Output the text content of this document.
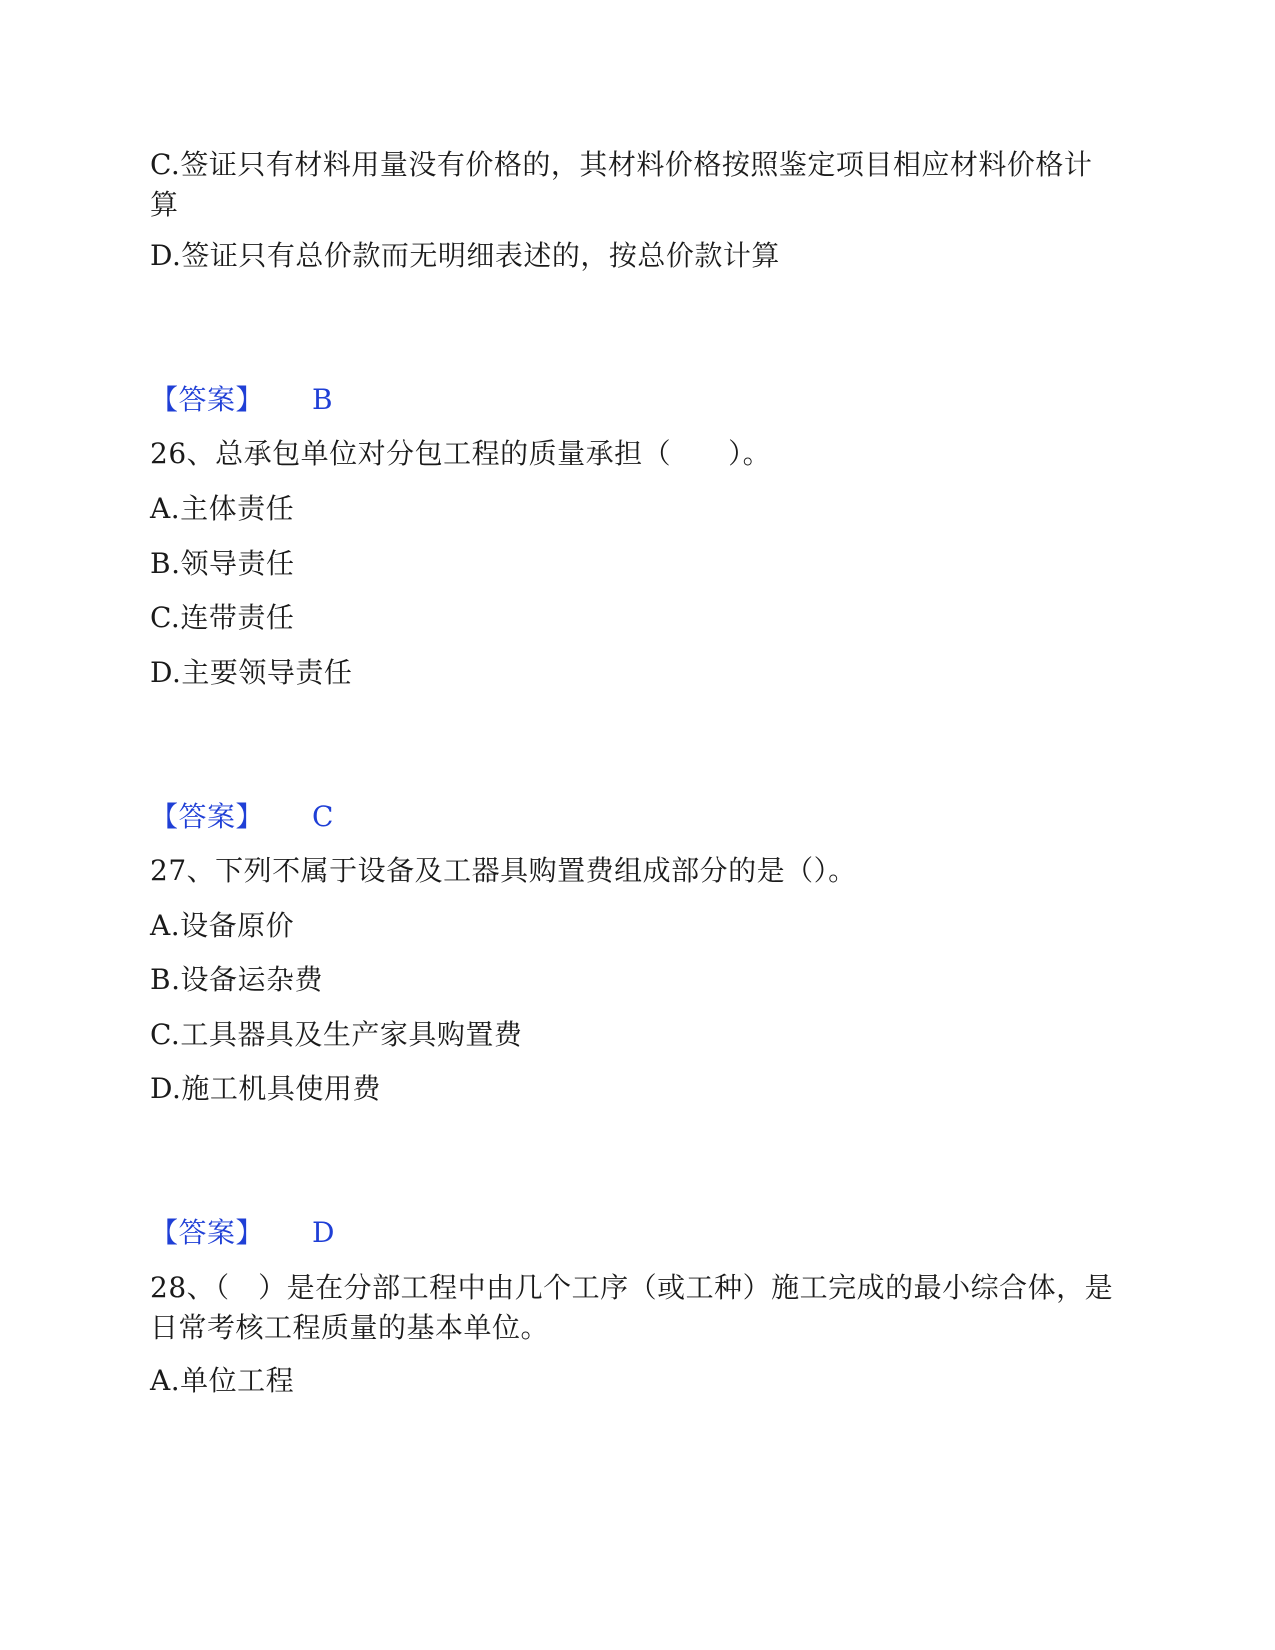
C.签证只有材料用量没有价格的，其材料价格按照鉴定项目相应材料价格计算
D.签证只有总价款而无明细表述的，按总价款计算
【答案】 B
26、总承包单位对分包工程的质量承担（　　）。
A.主体责任
B.领导责任
C.连带责任
D.主要领导责任
【答案】 C
27、下列不属于设备及工器具购置费组成部分的是（）。
A.设备原价
B.设备运杂费
C.工具器具及生产家具购置费
D.施工机具使用费
【答案】 D
28、（　）是在分部工程中由几个工序（或工种）施工完成的最小综合体，是日常考核工程质量的基本单位。
A.单位工程
